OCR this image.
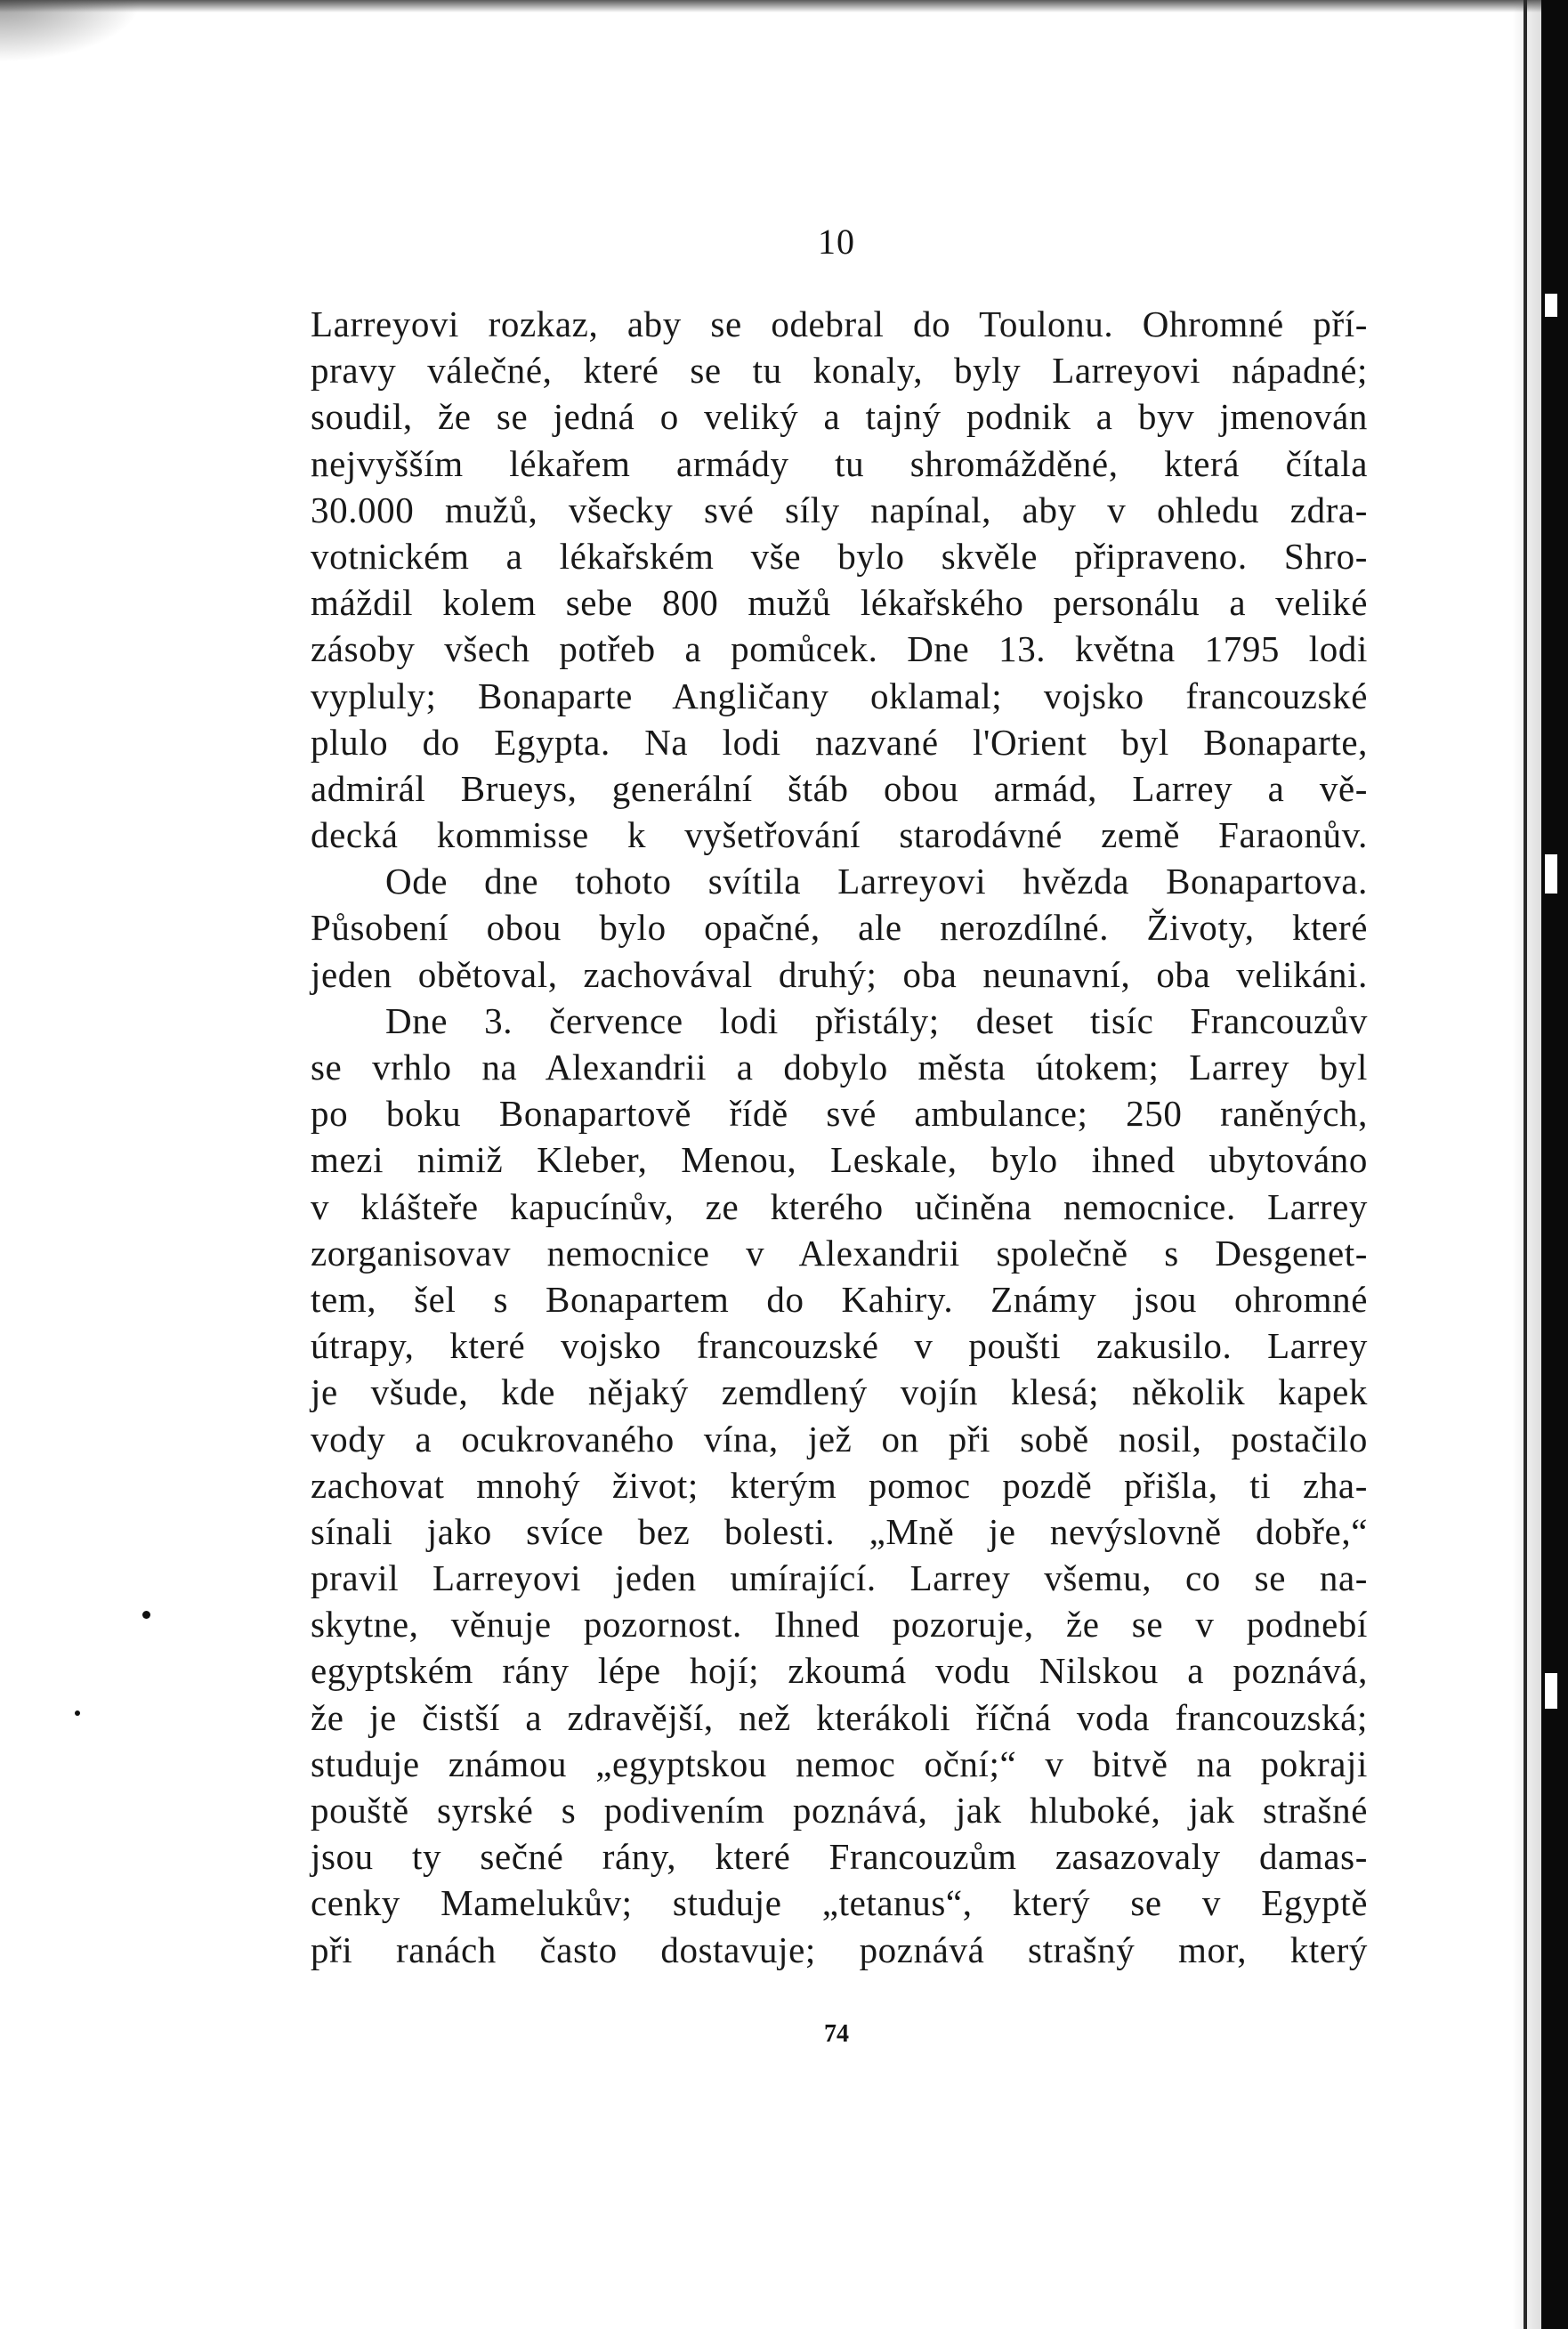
10
Larreyovi rozkaz, aby se odebral do Toulonu. Ohromné pří-
pravy válečné, které se tu konaly, byly Larreyovi nápadné;
soudil, že se jedná o veliký a tajný podnik a byv jmenován
nejvyšším lékařem armády tu shromážděné, která čítala
30.000 mužů, všecky své síly napínal, aby v ohledu zdra-
votnickém a lékařském vše bylo skvěle připraveno. Shro-
máždil kolem sebe 800 mužů lékařského personálu a veliké
zásoby všech potřeb a pomůcek. Dne 13. května 1795 lodi
vypluly; Bonaparte Angličany oklamal; vojsko francouzské
plulo do Egypta. Na lodi nazvané l'Orient byl Bonaparte,
admirál Brueys, generální štáb obou armád, Larrey a vě-
decká kommisse k vyšetřování starodávné země Faraonův.
Ode dne tohoto svítila Larreyovi hvězda Bonapartova.
Působení obou bylo opačné, ale nerozdílné. Životy, které
jeden obětoval, zachovával druhý; oba neunavní, oba velikáni.
Dne 3. července lodi přistály; deset tisíc Francouzův
se vrhlo na Alexandrii a dobylo města útokem; Larrey byl
po boku Bonapartově řídě své ambulance; 250 raněných,
mezi nimiž Kleber, Menou, Leskale, bylo ihned ubytováno
v klášteře kapucínův, ze kterého učiněna nemocnice. Larrey
zorganisovav nemocnice v Alexandrii společně s Desgenet-
tem, šel s Bonapartem do Kahiry. Známy jsou ohromné
útrapy, které vojsko francouzské v poušti zakusilo. Larrey
je všude, kde nějaký zemdlený vojín klesá; několik kapek
vody a ocukrovaného vína, jež on při sobě nosil, postačilo
zachovat mnohý život; kterým pomoc pozdě přišla, ti zha-
sínali jako svíce bez bolesti. „Mně je nevýslovně dobře,“
pravil Larreyovi jeden umírající. Larrey všemu, co se na-
skytne, věnuje pozornost. Ihned pozoruje, že se v podnebí
egyptském rány lépe hojí; zkoumá vodu Nilskou a poznává,
že je čistší a zdravější, než kterákoli říčná voda francouzská;
studuje známou „egyptskou nemoc oční;“ v bitvě na pokraji
pouště syrské s podivením poznává, jak hluboké, jak strašné
jsou ty sečné rány, které Francouzům zasazovaly damas-
cenky Mamelukův; studuje „tetanus“, který se v Egyptě
při ranách často dostavuje; poznává strašný mor, který
74
